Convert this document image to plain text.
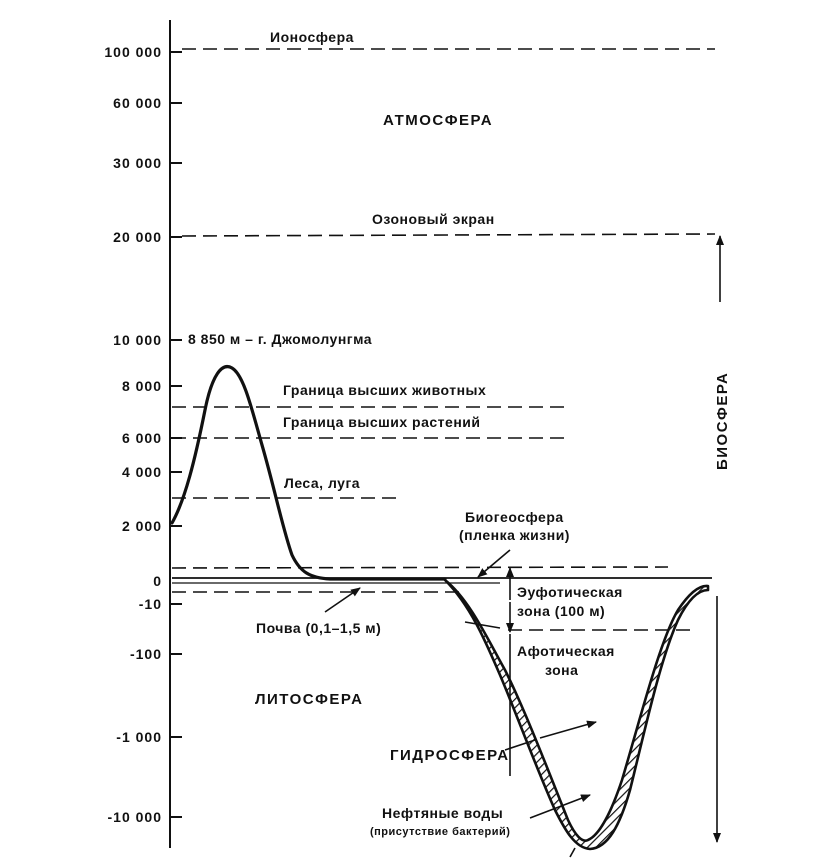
100 000
60 000
30 000
20 000
10 000
8 000
6 000
4 000
2 000
0
-10
-100
-1 000
-10 000
Ионосфера
АТМОСФЕРА
Озоновый экран
8 850 м – г. Джомолунгма
Граница высших животных
Граница высших растений
Леса, луга
Биогеосфера
(пленка жизни)
Эуфотическая
зона (100 м)
Афотическая
зона
Почва (0,1–1,5 м)
ЛИТОСФЕРА
ГИДРОСФЕРА
Нефтяные воды
(присутствие бактерий)
БИОСФЕРА
